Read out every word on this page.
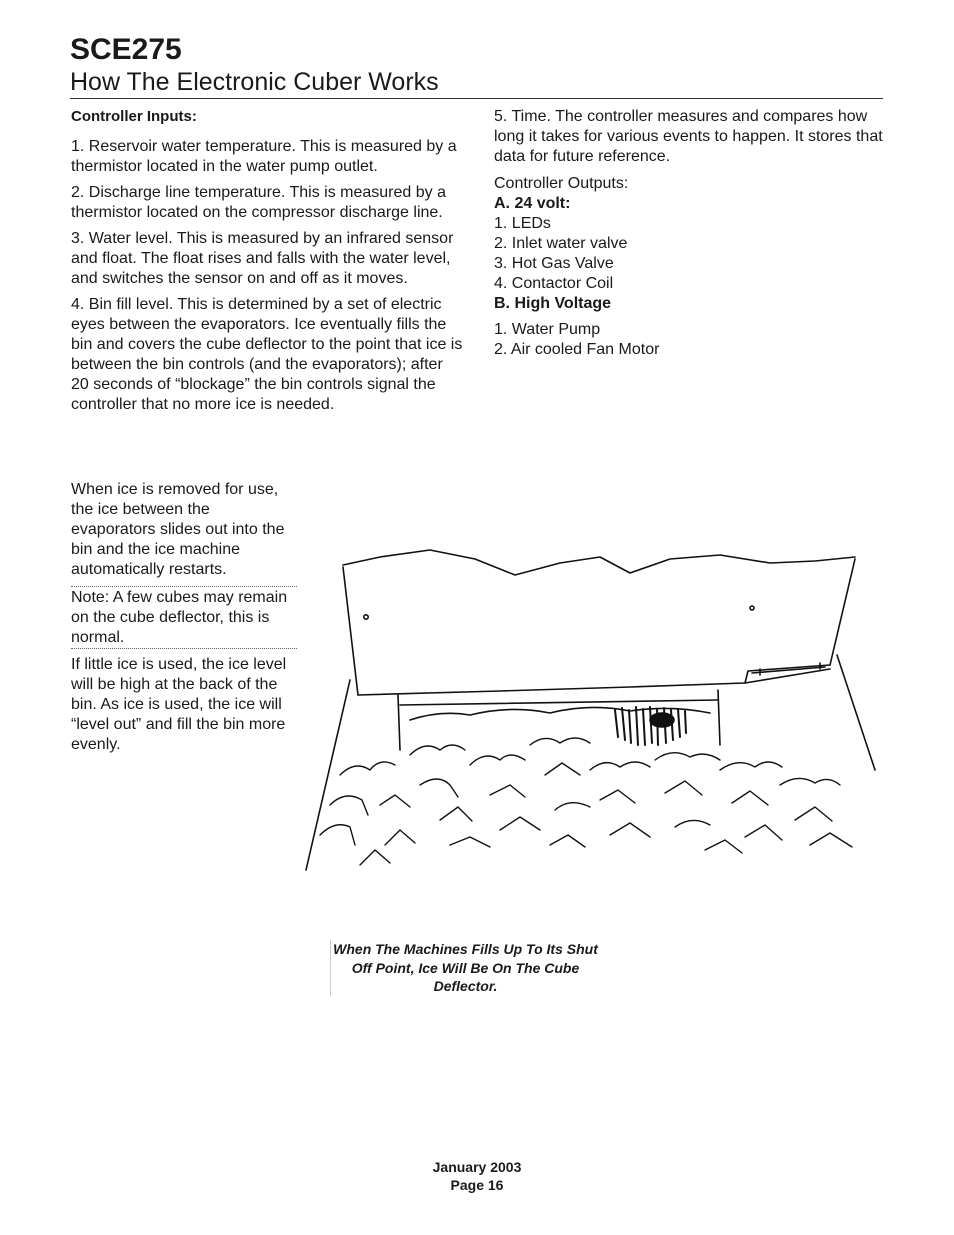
SCE275
How The Electronic Cuber Works

Controller Inputs:

1. Reservoir water temperature. This is measured by a thermistor located in the water pump outlet.

2. Discharge line temperature. This is measured by a thermistor located on the compressor discharge line.

3. Water level. This is measured by an infrared sensor and float. The float rises and falls with the water level, and switches the sensor on and off as it moves.

4. Bin fill level. This is determined by a set of electric eyes between the evaporators. Ice eventually fills the bin and covers the cube deflector to the point that ice is between the bin controls (and the evaporators); after 20 seconds of “blockage” the bin controls signal the controller that no more ice is needed.

When ice is removed for use, the ice between the evaporators slides out into the bin and the ice machine automatically restarts.

Note: A few cubes may remain on the cube deflector, this is normal.

If little ice is used, the ice level will be high at the back of the bin. As ice is used, the ice will “level out” and fill the bin more evenly.

5. Time. The controller measures and compares how long it takes for various events to happen. It stores that data for future reference.

Controller Outputs:

A. 24 volt:

1. LEDs

2. Inlet water valve

3. Hot Gas Valve

4. Contactor Coil

B. High Voltage

1. Water Pump

2. Air cooled Fan Motor

When The Machines Fills Up To Its Shut Off Point, Ice Will Be On The Cube Deflector.
January 2003
Page 16
